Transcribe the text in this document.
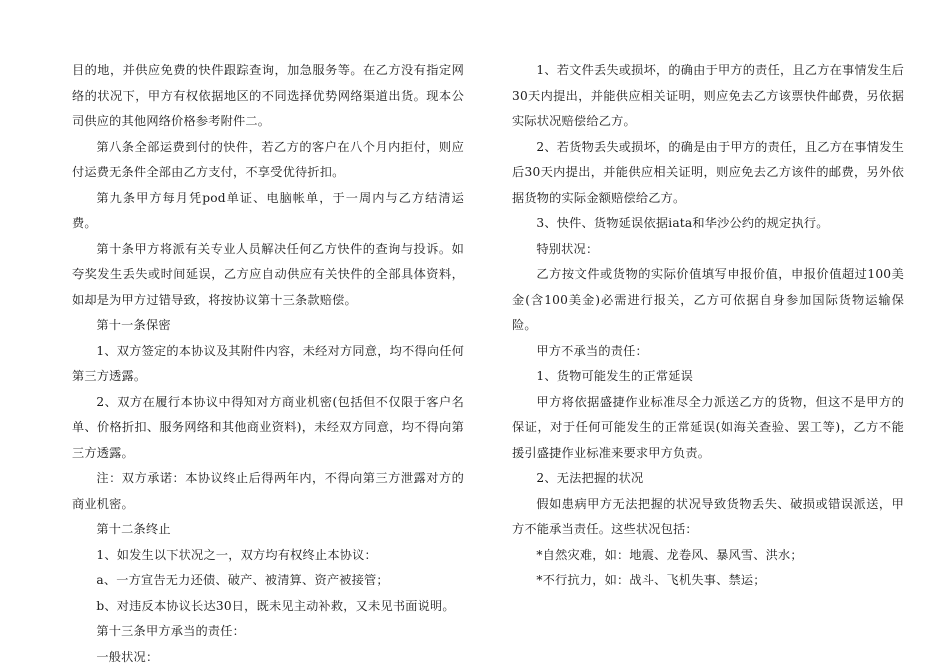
目的地，并供应免费的快件跟踪查询，加急服务等。在乙方没有指定网络的状况下，甲方有权依据地区的不同选择优势网络渠道出货。现本公司供应的其他网络价格参考附件二。

第八条全部运费到付的快件，若乙方的客户在八个月内拒付，则应付运费无条件全部由乙方支付，不享受优待折扣。

第九条甲方每月凭pod单证、电脑帐单，于一周内与乙方结清运费。

第十条甲方将派有关专业人员解决任何乙方快件的查询与投诉。如夸奖发生丢失或时间延误，乙方应自动供应有关快件的全部具体资料，如却是为甲方过错导致，将按协议第十三条款赔偿。

第十一条保密

1、双方签定的本协议及其附件内容，未经对方同意，均不得向任何第三方透露。

2、双方在履行本协议中得知对方商业机密(包括但不仅限于客户名单、价格折扣、服务网络和其他商业资料)，未经双方同意，均不得向第三方透露。

注：双方承诺：本协议终止后得两年内，不得向第三方泄露对方的商业机密。

第十二条终止

1、如发生以下状况之一，双方均有权终止本协议：

a、一方宣告无力还债、破产、被清算、资产被接管；

b、对违反本协议长达30日，既未见主动补救，又未见书面说明。

第十三条甲方承当的责任：

一般状况：

1、若文件丢失或损坏，的确由于甲方的责任，且乙方在事情发生后30天内提出，并能供应相关证明，则应免去乙方该票快件邮费，另依据实际状况赔偿给乙方。

2、若货物丢失或损坏，的确是由于甲方的责任，且乙方在事情发生后30天内提出，并能供应相关证明，则应免去乙方该件的邮费，另外依据货物的实际金额赔偿给乙方。

3、快件、货物延误依据iata和华沙公约的规定执行。

特别状况：

乙方按文件或货物的实际价值填写申报价值，申报价值超过100美金(含100美金)必需进行报关，乙方可依据自身参加国际货物运输保险。

甲方不承当的责任：

1、货物可能发生的正常延误

甲方将依据盛捷作业标准尽全力派送乙方的货物，但这不是甲方的保证，对于任何可能发生的正常延误(如海关查验、罢工等)，乙方不能援引盛捷作业标准来要求甲方负责。

2、无法把握的状况

假如患病甲方无法把握的状况导致货物丢失、破损或错误派送，甲方不能承当责任。这些状况包括：

*自然灾难，如：地震、龙卷风、暴风雪、洪水；

*不行抗力，如：战斗、飞机失事、禁运；
